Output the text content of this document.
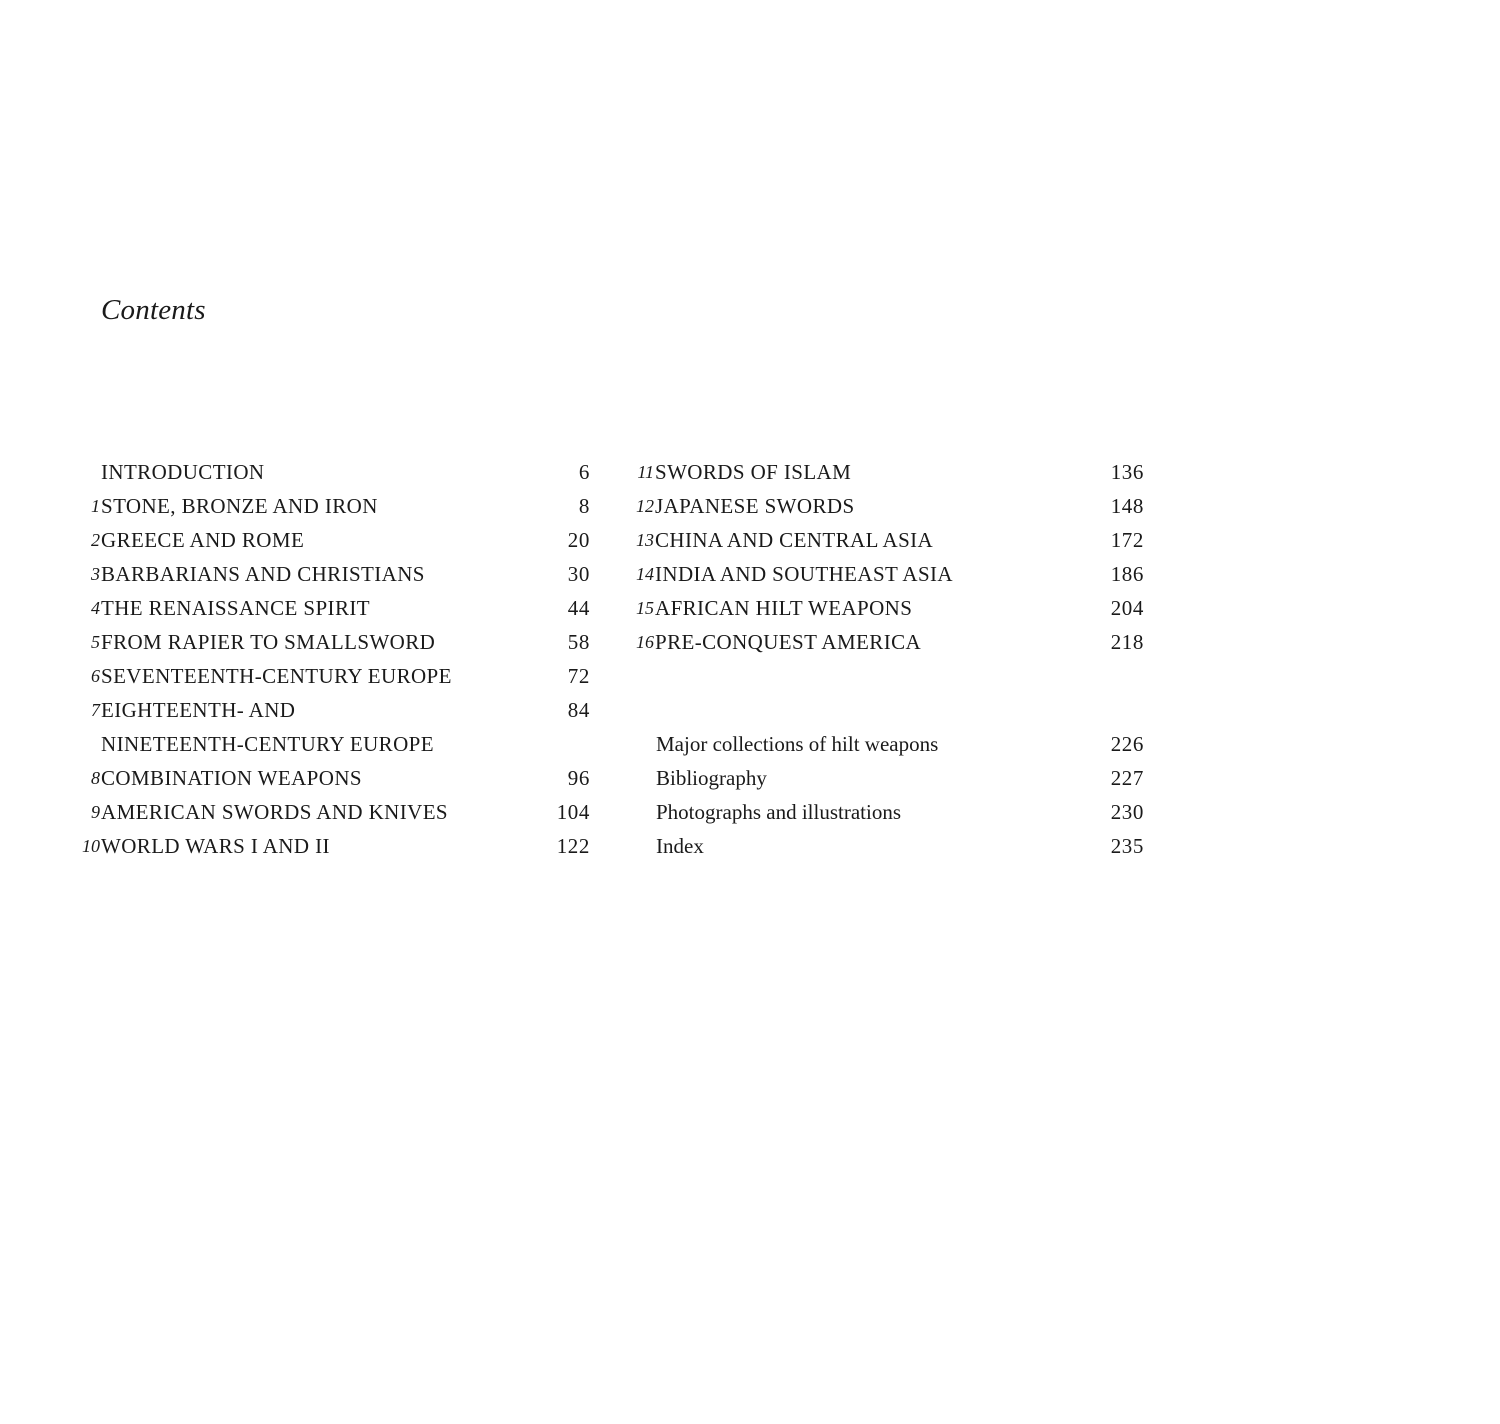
Contents
INTRODUCTION	6
1 STONE, BRONZE AND IRON	8
2 GREECE AND ROME	20
3 BARBARIANS AND CHRISTIANS	30
4 THE RENAISSANCE SPIRIT	44
5 FROM RAPIER TO SMALLSWORD	58
6 SEVENTEENTH-CENTURY EUROPE	72
7 EIGHTEENTH- AND	84
NINETEENTH-CENTURY EUROPE
8 COMBINATION WEAPONS	96
9 AMERICAN SWORDS AND KNIVES	104
10 WORLD WARS I AND II	122
11 SWORDS OF ISLAM	136
12 JAPANESE SWORDS	148
13 CHINA AND CENTRAL ASIA	172
14 INDIA AND SOUTHEAST ASIA	186
15 AFRICAN HILT WEAPONS	204
16 PRE-CONQUEST AMERICA	218
Major collections of hilt weapons	226
Bibliography	227
Photographs and illustrations	230
Index	235
